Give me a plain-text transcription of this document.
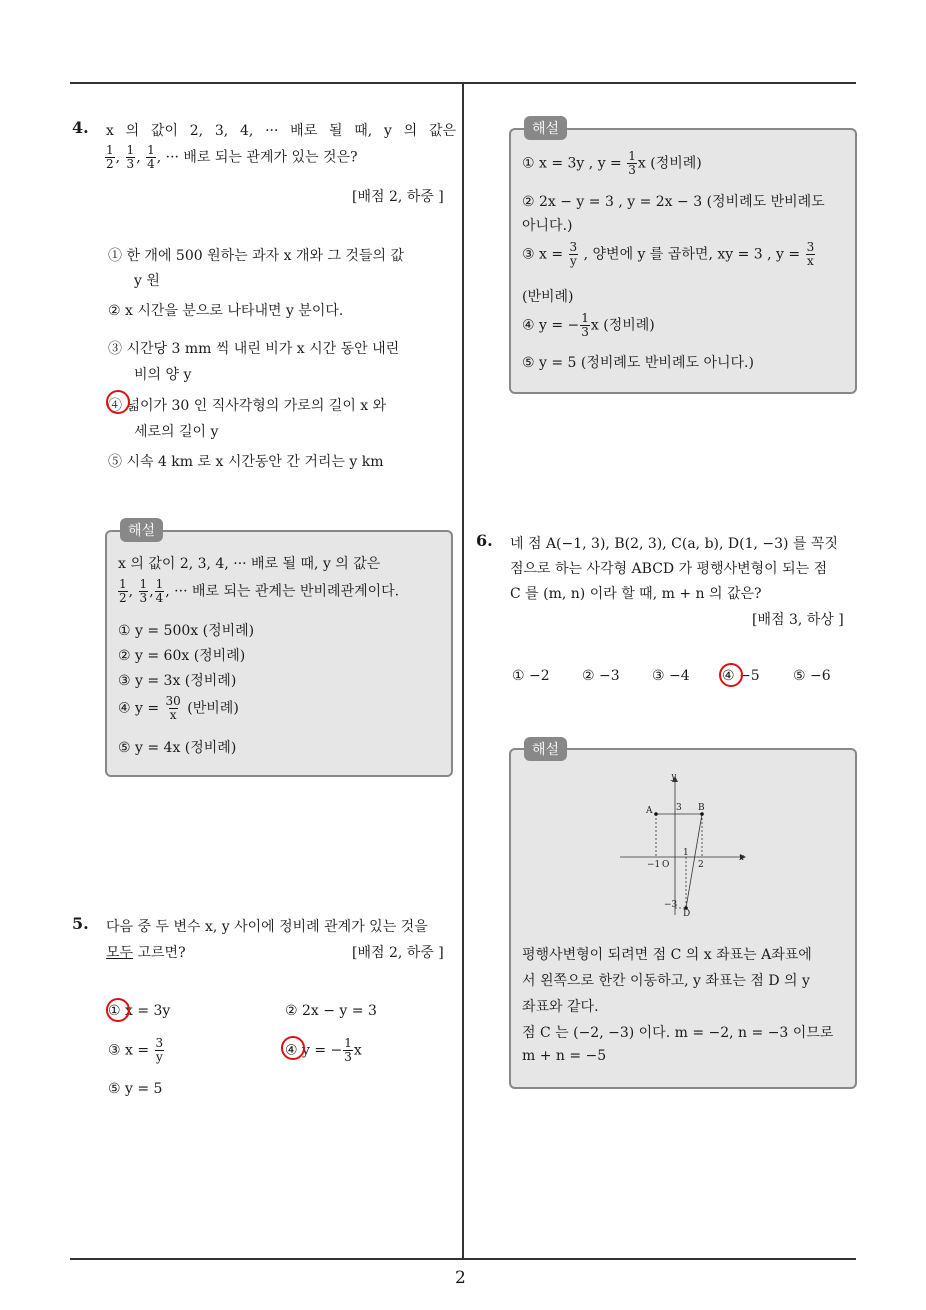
2
4. x 의 값이 2, 3, 4, ··· 배로 될 때, y 의 값은
$\frac{1}{2}$ , $\frac{1}{3}$ , $\frac{1}{4}$ , ··· 배로 되는 관계가 있는 것은?
[배점 2, 하중 ]
① 한 개에 500 원하는 과자 x 개와 그 것들의 값
y 원
② x 시간을 분으로 나타내면 y 분이다.
③ 시간당 3 mm 씩 내린 비가 x 시간 동안 내린
비의 양 y
④ 넓이가 30 인 직사각형의 가로의 길이 x 와
세로의 길이 y
⑤ 시속 4 km 로 x 시간동안 간 거리는 y km
해설
x 의 값이 2, 3, 4, ··· 배로 될 때, y 의 값은
$\frac{1}{2}$ , $\frac{1}{3}$ , $\frac{1}{4}$ , ··· 배로 되는 관계는 반비례관계이다.
① y = 500x (정비례)
② y = 60x (정비례)
③ y = 3x (정비례)
④ $y = \frac{30}{x}$ (반비례)
⑤ y = 4x (정비례)
5. 다음 중 두 변수 x, y 사이에 정비례 관계가 있는 것을
모두 고르면?	[배점 2, 하중 ]
① x = 3y	② 2x − y = 3
③ $x = \frac{3}{y}$	④ y = − $\frac{1}{3}$ x
⑤ y = 5
해설
① x = 3y , $y = \frac{1}{3}$ x (정비례)
② 2x − y = 3 , y = 2x − 3 (정비례도 반비례도
아니다.)
③ $x = \frac{3}{y}$ , 양변에 y 를 곱하면, xy = 3 , $y = \frac{3}{x}$
(반비례)
④ y = − $\frac{1}{3}$ x (정비례)
⑤ y = 5 (정비례도 반비례도 아니다.)
6. 네 점 A(−1, 3), B(2, 3), C(a, b), D(1, −3) 를 꼭짓
점으로 하는 사각형 ABCD 가 평행사변형이 되는 점
C 를 (m, n) 이라 할 때, m + n 의 값은?
[배점 3, 하상 ]
① −2 ② −3 ③ −4 ④ −5 ⑤ −6
해설
y
x
A	B
3
D
O
−1
1
2
−3
평행사변형이 되려면 점 C 의 x 좌표는 A좌표에
서 왼쪽으로 한칸 이동하고, y 좌표는 점 D 의 y
좌표와 같다.
점 C 는 (−2, −3) 이다. m = −2, n = −3 이므로
m + n = −5
